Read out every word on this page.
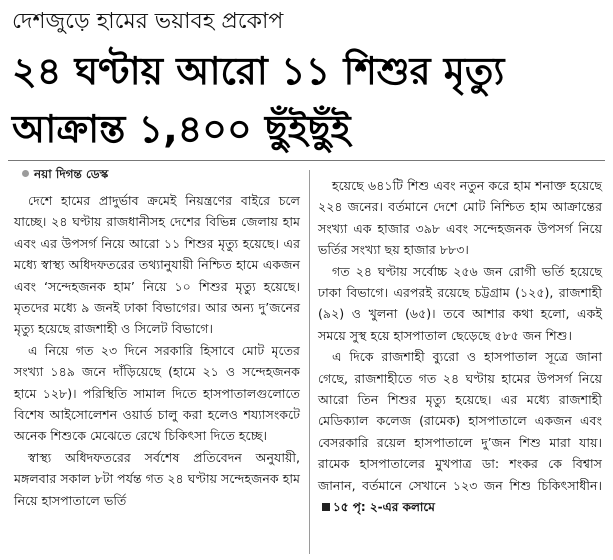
দেশজুড়ে হামের ভয়াবহ প্রকোপ
২৪ ঘণ্টায় আরো ১১ শিশুর মৃত্যু
আক্রান্ত ১,৪০০ ছুঁইছুঁই
নয়া দিগন্ত ডেস্ক

দেশে হামের প্রাদুর্ভাব ক্রমেই নিয়ন্ত্রণের বাইরে চলে যাচ্ছে। ২৪ ঘণ্টায় রাজধানীসহ দেশের বিভিন্ন জেলায় হাম এবং এর উপসর্গ নিয়ে আরো ১১ শিশুর মৃত্যু হয়েছে। এর মধ্যে স্বাস্থ্য অধিদফতরের তথ্যানুযায়ী নিশ্চিত হামে একজন এবং ‘সন্দেহজনক হাম’ নিয়ে ১০ শিশুর মৃত্যু হয়েছে। মৃতদের মধ্যে ৯ জনই ঢাকা বিভাগের। আর অন্য দু’জনের মৃত্যু হয়েছে রাজশাহী ও সিলেট বিভাগে।

এ নিয়ে গত ২৩ দিনে সরকারি হিসাবে মোট মৃতের সংখ্যা ১৪৯ জনে দাঁড়িয়েছে (হামে ২১ ও সন্দেহজনক হামে ১২৮)। পরিস্থিতি সামাল দিতে হাসপাতালগুলোতে বিশেষ আইসোলেশন ওয়ার্ড চালু করা হলেও শয্যাসংকটে অনেক শিশুকে মেঝেতে রেখে চিকিৎসা দিতে হচ্ছে।

স্বাস্থ্য অধিদফতরের সর্বশেষ প্রতিবেদন অনুযায়ী, মঙ্গলবার সকাল ৮টা পর্যন্ত গত ২৪ ঘণ্টায় সন্দেহজনক হাম নিয়ে হাসপাতালে ভর্তি

হয়েছে ৬৪১টি শিশু এবং নতুন করে হাম শনাক্ত হয়েছে ২২৪ জনের। বর্তমানে দেশে মোট নিশ্চিত হাম আক্রান্তের সংখ্যা এক হাজার ৩৯৮ এবং সন্দেহজনক উপসর্গ নিয়ে ভর্তির সংখ্যা ছয় হাজার ৮৮৩।

গত ২৪ ঘণ্টায় সর্বোচ্চ ২৫৬ জন রোগী ভর্তি হয়েছে ঢাকা বিভাগে। এরপরই রয়েছে চট্টগ্রাম (১২৫), রাজশাহী (৯২) ও খুলনা (৬৫)। তবে আশার কথা হলো, একই সময়ে সুস্থ হয়ে হাসপাতাল ছেড়েছে ৫৮৫ জন শিশু।

এ দিকে রাজশাহী ব্যুরো ও হাসপাতাল সূত্রে জানা গেছে, রাজশাহীতে গত ২৪ ঘণ্টায় হামের উপসর্গ নিয়ে আরো তিন শিশুর মৃত্যু হয়েছে। এর মধ্যে রাজশাহী মেডিক্যাল কলেজ (রামেক) হাসপাতালে একজন এবং বেসরকারি রয়েল হাসপাতালে দু’জন শিশু মারা যায়। রামেক হাসপাতালের মুখপাত্র ডা: শংকর কে বিশ্বাস জানান, বর্তমানে সেখানে ১২৩ জন শিশু চিকিৎসাধীন।১৫ পৃ: ২-এর কলামে
